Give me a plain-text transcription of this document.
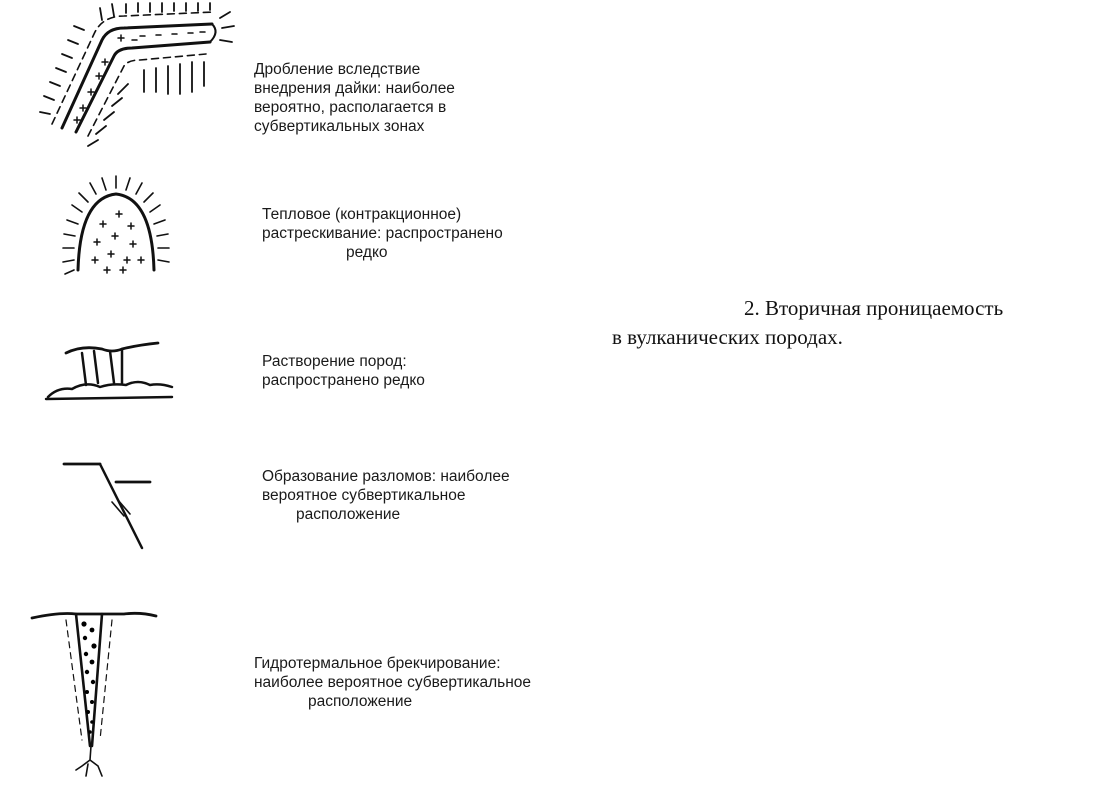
Дробление вследствие
внедрения дайки: наиболее
вероятно, располагается в
субвертикальных зонах
Тепловое (контракционное)
растрескивание: распространено
редко
Растворение пород:
распространено редко
Образование разломов: наиболее
вероятное субвертикальное
расположение
Гидротермальное брекчирование:
наиболее вероятное субвертикальное
расположение
2. Вторичная проницаемость
в вулканических породах.
